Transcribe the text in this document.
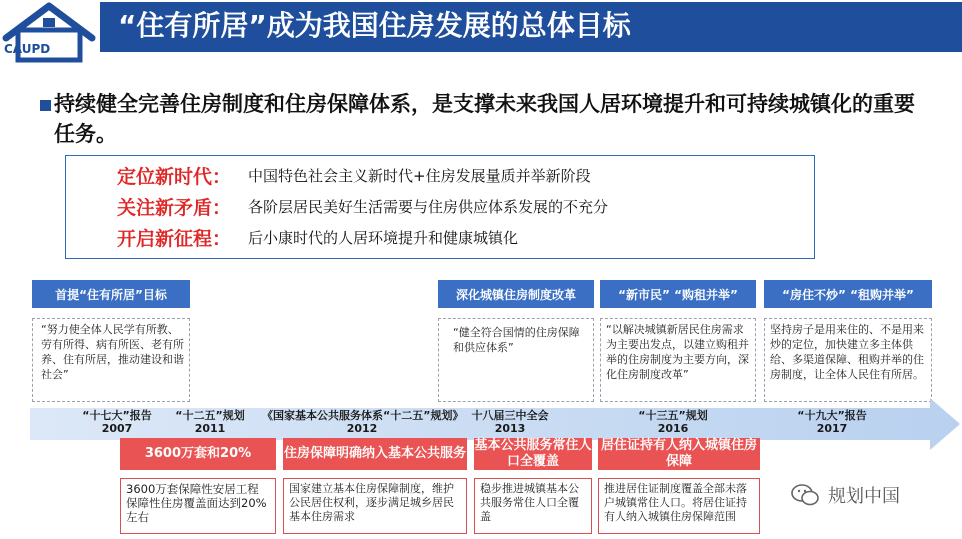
“住有所居”成为我国住房发展的总体目标
CAUPD
持续健全完善住房制度和住房保障体系，是支撑未来我国人居环境提升和可持续城镇化的重要任务。
定位新时代：	中国特色社会主义新时代+住房发展量质并举新阶段
关注新矛盾：	各阶层居民美好生活需要与住房供应体系发展的不充分
开启新征程：	后小康时代的人居环境提升和健康城镇化
首提“住有所居”目标	深化城镇住房制度改革	“新市民” “购租并举”	“房住不炒” “租购并举”
“努力使全体人民学有所教、劳有所得、病有所医、老有所养、住有所居，推动建设和谐社会”
“健全符合国情的住房保障和供应体系”
“以解决城镇新居民住房需求为主要出发点，以建立购租并举的住房制度为主要方向，深化住房制度改革”
坚持房子是用来住的、不是用来炒的定位，加快建立多主体供给、多渠道保障、租购并举的住房制度，让全体人民住有所居。
“十七大”报告
2007
“十二五”规划
2011
《国家基本公共服务体系“十二五”规划》
2012
十八届三中全会
2013
“十三五”规划
2016
“十九大”报告
2017
3600万套和20%	住房保障明确纳入基本公共服务
基本公共服务常住人口全覆盖
居住证持有人纳入城镇住房保障
3600万套保障性安居工程保障性住房覆盖面达到20%左右
国家建立基本住房保障制度，维护公民居住权利，逐步满足城乡居民基本住房需求
稳步推进城镇基本公共服务常住人口全覆盖
推进居住证制度覆盖全部未落户城镇常住人口。将居住证持有人纳入城镇住房保障范围
规划中国
